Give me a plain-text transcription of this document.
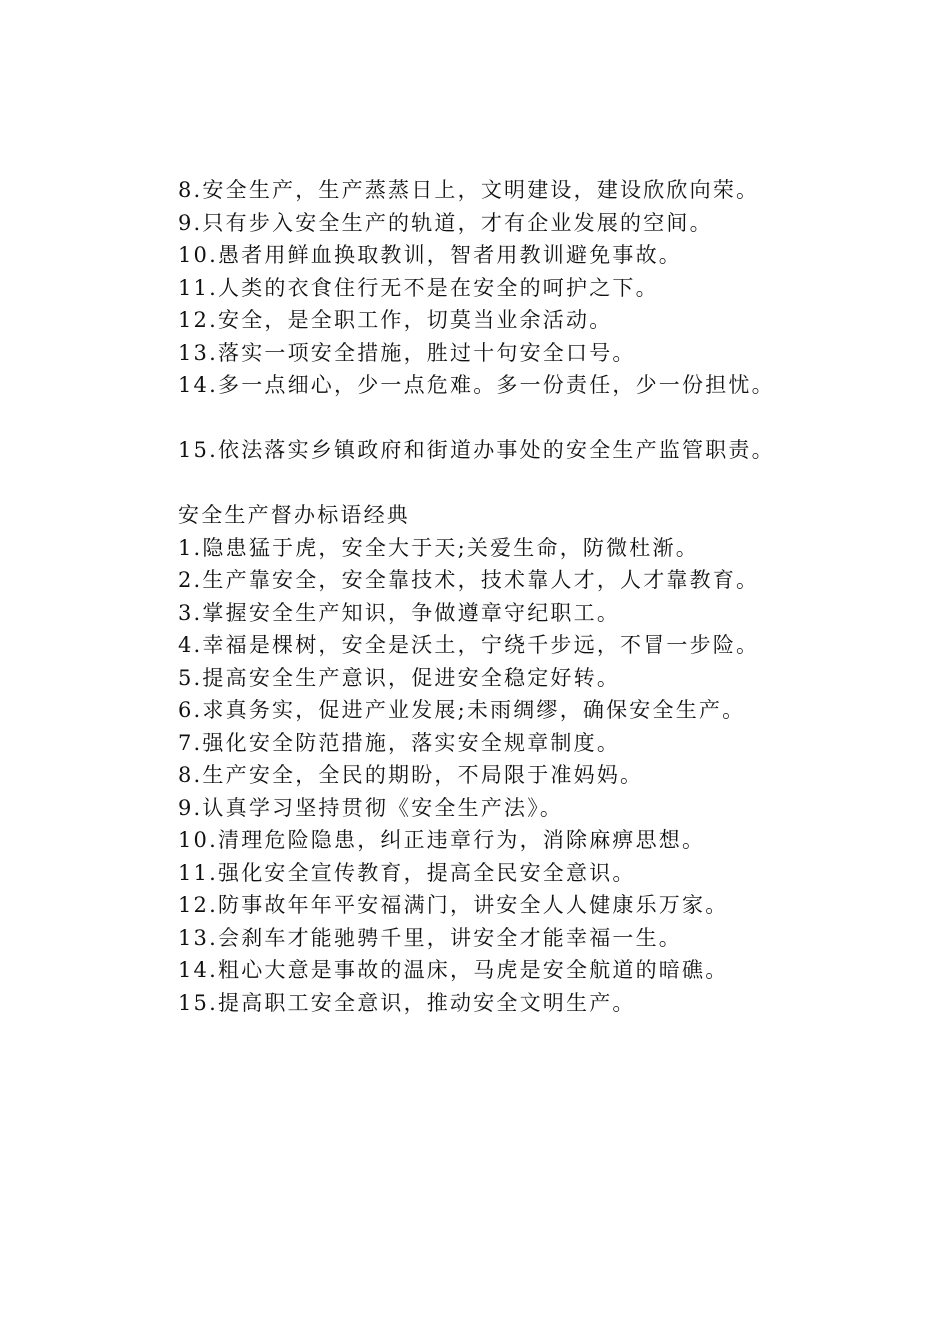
8.安全生产，生产蒸蒸日上，文明建设，建设欣欣向荣。
9.只有步入安全生产的轨道，才有企业发展的空间。
10.愚者用鲜血换取教训，智者用教训避免事故。
11.人类的衣食住行无不是在安全的呵护之下。
12.安全，是全职工作，切莫当业余活动。
13.落实一项安全措施，胜过十句安全口号。
14.多一点细心，少一点危难。多一份责任，少一份担忧。
15.依法落实乡镇政府和街道办事处的安全生产监管职责。
安全生产督办标语经典
1.隐患猛于虎，安全大于天;关爱生命，防微杜渐。
2.生产靠安全，安全靠技术，技术靠人才，人才靠教育。
3.掌握安全生产知识，争做遵章守纪职工。
4.幸福是棵树，安全是沃土，宁绕千步远，不冒一步险。
5.提高安全生产意识，促进安全稳定好转。
6.求真务实，促进产业发展;未雨绸缪，确保安全生产。
7.强化安全防范措施，落实安全规章制度。
8.生产安全，全民的期盼，不局限于准妈妈。
9.认真学习坚持贯彻《安全生产法》。
10.清理危险隐患，纠正违章行为，消除麻痹思想。
11.强化安全宣传教育，提高全民安全意识。
12.防事故年年平安福满门，讲安全人人健康乐万家。
13.会刹车才能驰骋千里，讲安全才能幸福一生。
14.粗心大意是事故的温床，马虎是安全航道的暗礁。
15.提高职工安全意识，推动安全文明生产。
